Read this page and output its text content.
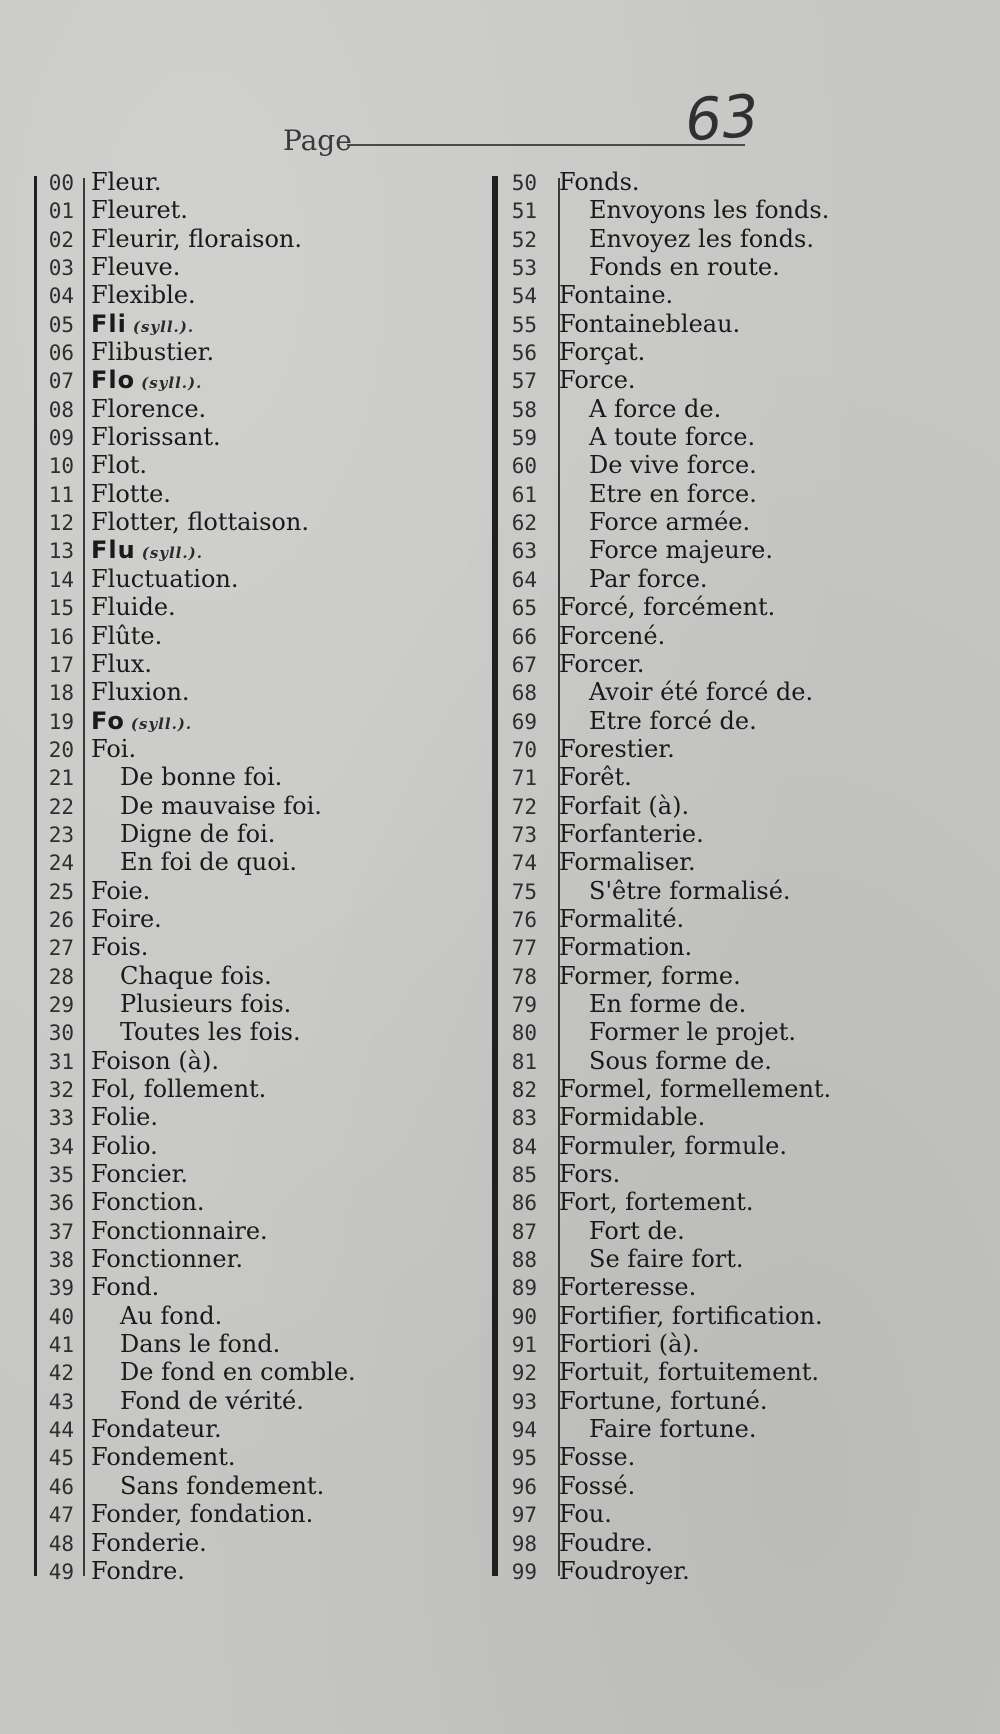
Page	63
00 Fleur.
01 Fleuret.
02 Fleurir, floraison.
03 Fleuve.
04 Flexible.
05 Fli (syll.).
06 Flibustier.
07 Flo (syll.).
08 Florence.
09 Florissant.
10 Flot.
11 Flotte.
12 Flotter, flottaison.
13 Flu (syll.).
14 Fluctuation.
15 Fluide.
16 Flûte.
17 Flux.
18 Fluxion.
19 Fo (syll.).
20 Foi.
21	De bonne foi.
22	De mauvaise foi.
23	Digne de foi.
24	En foi de quoi.
25 Foie.
26 Foire.
27 Fois.
28	Chaque fois.
29	Plusieurs fois.
30	Toutes les fois.
31 Foison (à).
32 Fol, follement.
33 Folie.
34 Folio.
35 Foncier.
36 Fonction.
37 Fonctionnaire.
38 Fonctionner.
39 Fond.
40	Au fond.
41	Dans le fond.
42	De fond en comble.
43	Fond de vérité.
44 Fondateur.
45 Fondement.
46	Sans fondement.
47 Fonder, fondation.
48 Fonderie.
49 Fondre.
50 Fonds.
51	Envoyons les fonds.
52	Envoyez les fonds.
53	Fonds en route.
54 Fontaine.
55 Fontainebleau.
56 Forçat.
57 Force.
58	A force de.
59	A toute force.
60	De vive force.
61	Etre en force.
62	Force armée.
63	Force majeure.
64	Par force.
65 Forcé, forcément.
66 Forcené.
67 Forcer.
68	Avoir été forcé de.
69	Etre forcé de.
70 Forestier.
71 Forêt.
72 Forfait (à).
73 Forfanterie.
74 Formaliser.
75	S'être formalisé.
76 Formalité.
77 Formation.
78 Former, forme.
79	En forme de.
80	Former le projet.
81	Sous forme de.
82 Formel, formellement.
83 Formidable.
84 Formuler, formule.
85 Fors.
86 Fort, fortement.
87	Fort de.
88	Se faire fort.
89 Forteresse.
90 Fortifier, fortification.
91 Fortiori (à).
92 Fortuit, fortuitement.
93 Fortune, fortuné.
94	Faire fortune.
95 Fosse.
96 Fossé.
97 Fou.
98 Foudre.
99 Foudroyer.
